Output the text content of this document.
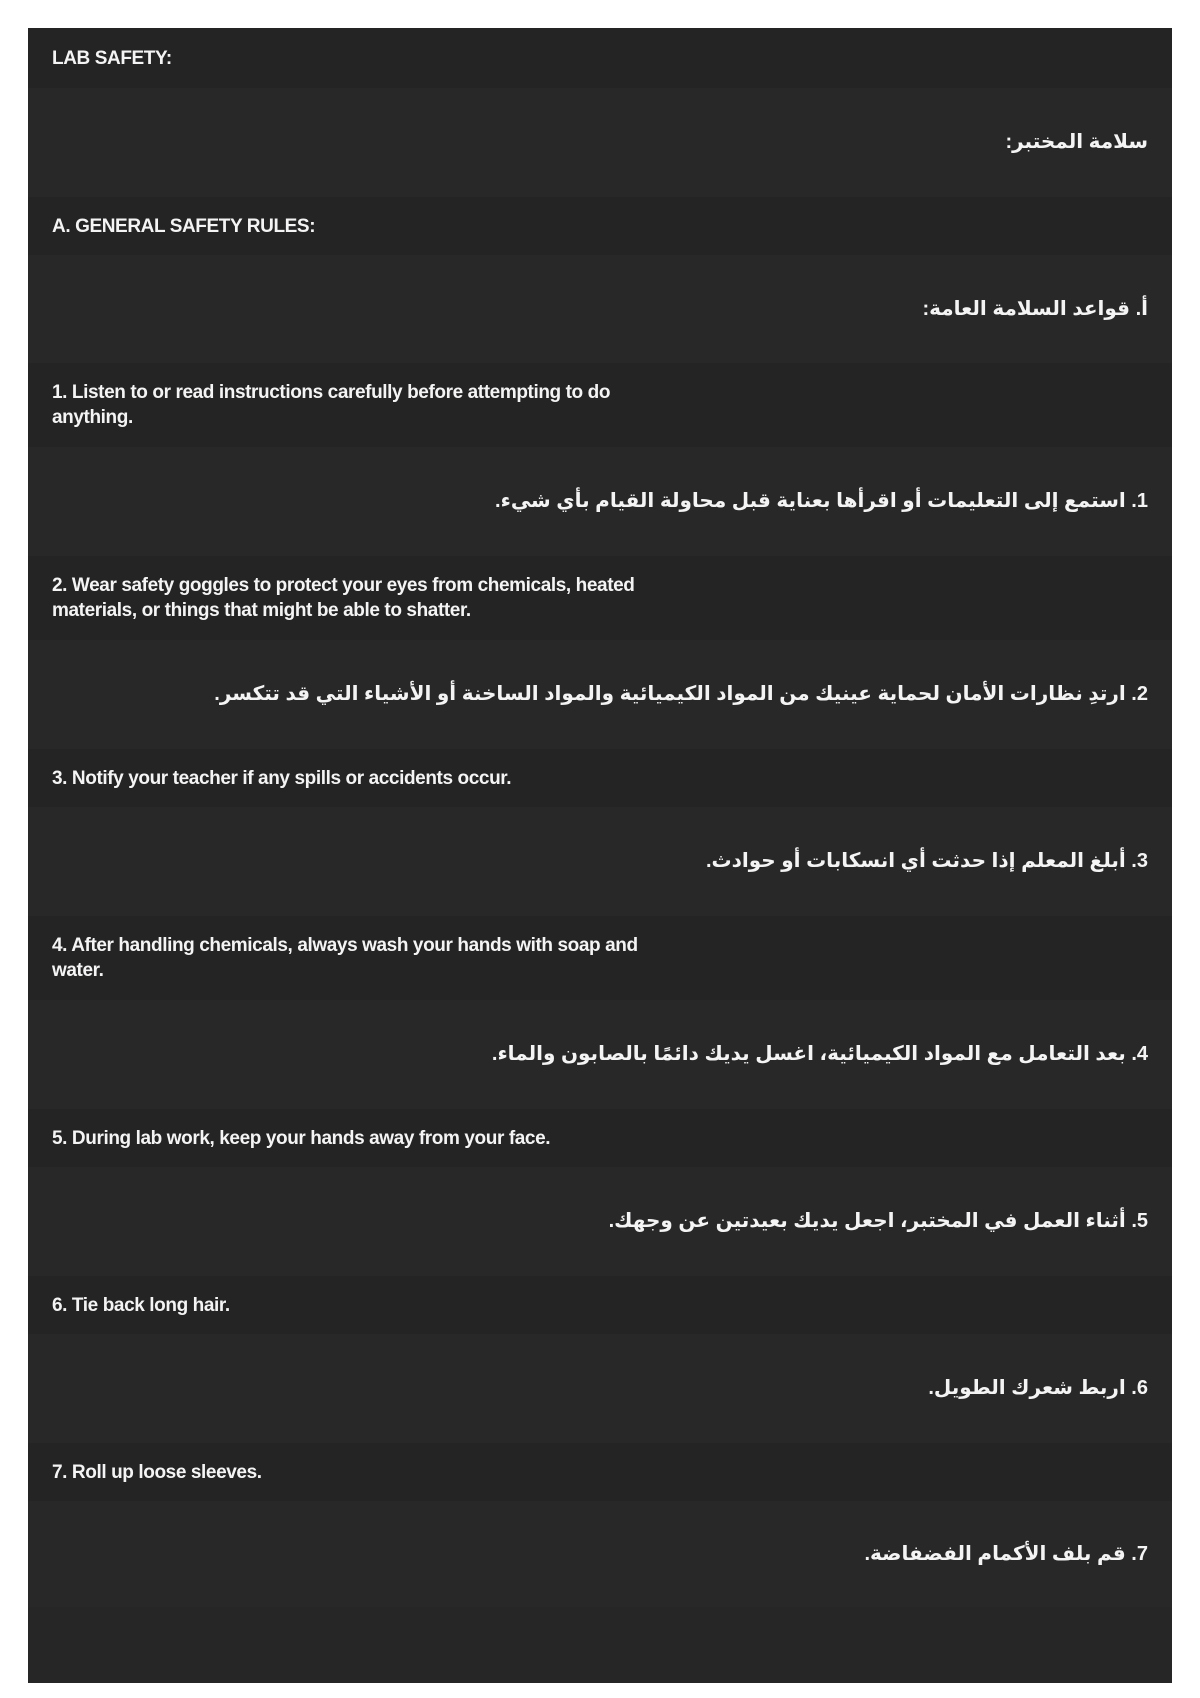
LAB SAFETY:
سلامة المختبر:
A. GENERAL SAFETY RULES:
أ. قواعد السلامة العامة:
1. Listen to or read instructions carefully before attempting to do anything.
1. استمع إلى التعليمات أو اقرأها بعناية قبل محاولة القيام بأي شيء.
2. Wear safety goggles to protect your eyes from chemicals, heated materials, or things that might be able to shatter.
2. ارتدِ نظارات الأمان لحماية عينيك من المواد الكيميائية والمواد الساخنة أو الأشياء التي قد تتكسر.
3. Notify your teacher if any spills or accidents occur.
3. أبلغ المعلم إذا حدثت أي انسكابات أو حوادث.
4. After handling chemicals, always wash your hands with soap and water.
4. بعد التعامل مع المواد الكيميائية، اغسل يديك دائمًا بالصابون والماء.
5. During lab work, keep your hands away from your face.
5. أثناء العمل في المختبر، اجعل يديك بعيدتين عن وجهك.
6. Tie back long hair.
6. اربط شعرك الطويل.
7. Roll up loose sleeves.
7. قم بلف الأكمام الفضفاضة.
